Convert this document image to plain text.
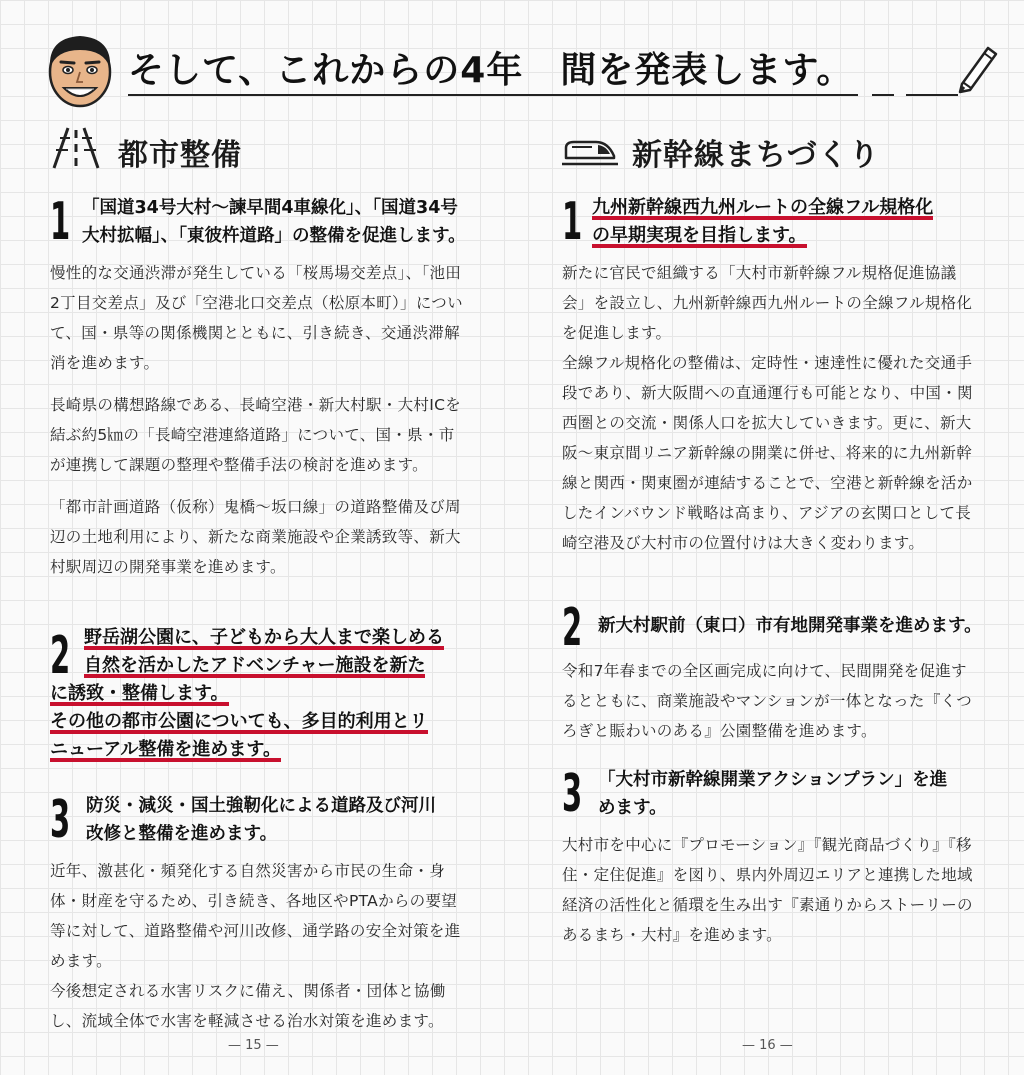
そして、これからの4年　間を発表します。
都市整備
1 「国道34号大村～諫早間4車線化」、「国道34号

大村拡幅」、「東彼杵道路」の整備を促進します。

慢性的な交通渋滞が発生している「桜馬場交差点」、「池田2丁目交差点」及び「空港北口交差点（松原本町）」について、国・県等の関係機関とともに、引き続き、交通渋滞解消を進めます。

長崎県の構想路線である、長崎空港・新大村駅・大村ICを結ぶ約5㎞の「長崎空港連絡道路」について、国・県・市が連携して課題の整理や整備手法の検討を進めます。

「都市計画道路（仮称）鬼橋～坂口線」の道路整備及び周辺の土地利用により、新たな商業施設や企業誘致等、新大村駅周辺の開発事業を進めます。

2 野岳湖公園に、子どもから大人まで楽しめる

自然を活かしたアドベンチャー施設を新た

に誘致・整備します。

その他の都市公園についても、多目的利用とリ

ニューアル整備を進めます。

3 防災・減災・国土強靭化による道路及び河川

改修と整備を進めます。

近年、激甚化・頻発化する自然災害から市民の生命・身体・財産を守るため、引き続き、各地区やPTAからの要望等に対して、道路整備や河川改修、通学路の安全対策を進めます。

今後想定される水害リスクに備え、関係者・団体と協働し、流域全体で水害を軽減させる治水対策を進めます。

— 15 —
新幹線まちづくり
1 九州新幹線西九州ルートの全線フル規格化

の早期実現を目指します。

新たに官民で組織する「大村市新幹線フル規格促進協議会」を設立し、九州新幹線西九州ルートの全線フル規格化を促進します。

全線フル規格化の整備は、定時性・速達性に優れた交通手段であり、新大阪間への直通運行も可能となり、中国・関西圏との交流・関係人口を拡大していきます。更に、新大阪～東京間リニア新幹線の開業に併せ、将来的に九州新幹線と関西・関東圏が連結することで、空港と新幹線を活かしたインバウンド戦略は高まり、アジアの玄関口として長崎空港及び大村市の位置付けは大きく変わります。

2 新大村駅前（東口）市有地開発事業を進めます。

令和7年春までの全区画完成に向けて、民間開発を促進するとともに、商業施設やマンションが一体となった『くつろぎと賑わいのある』公園整備を進めます。

3 「大村市新幹線開業アクションプラン」を進

めます。

大村市を中心に『プロモーション』『観光商品づくり』『移住・定住促進』を図り、県内外周辺エリアと連携した地域経済の活性化と循環を生み出す『素通りからストーリーのあるまち・大村』を進めます。

— 16 —
